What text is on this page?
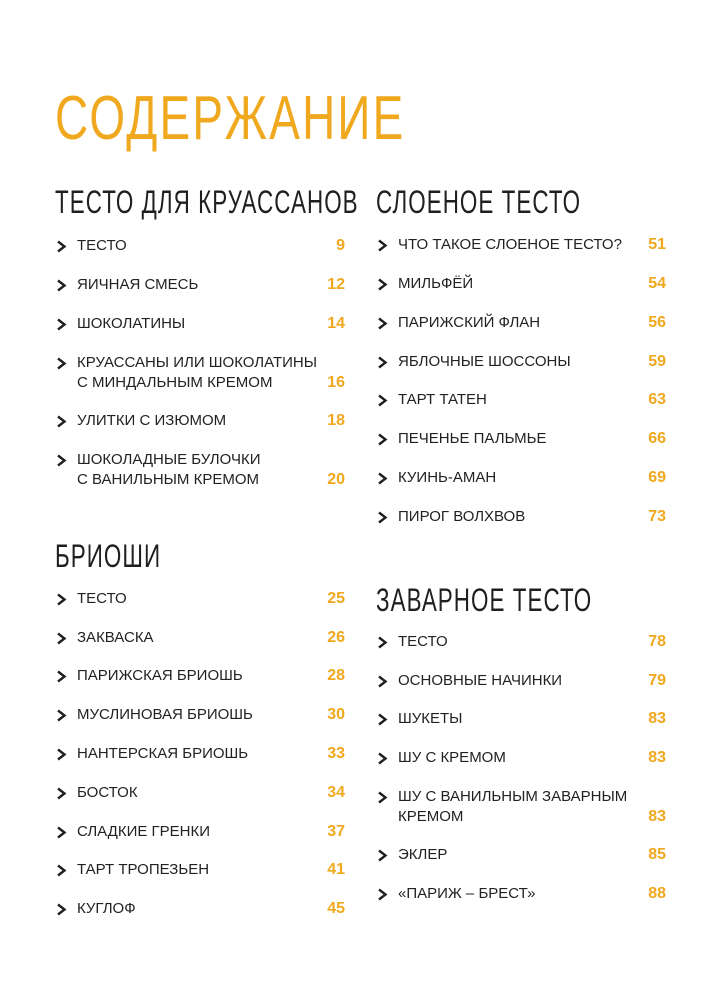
СОДЕРЖАНИЕ
ТЕСТО ДЛЯ КРУАССАНОВ
ТЕСТО	9
ЯИЧНАЯ СМЕСЬ	12
ШОКОЛАТИНЫ	14
КРУАССАНЫ ИЛИ ШОКОЛАТИНЫ
С МИНДАЛЬНЫМ КРЕМОМ	16
УЛИТКИ С ИЗЮМОМ	18
ШОКОЛАДНЫЕ БУЛОЧКИ
С ВАНИЛЬНЫМ КРЕМОМ	20
БРИОШИ
ТЕСТО	25
ЗАКВАСКА	26
ПАРИЖСКАЯ БРИОШЬ	28
МУСЛИНОВАЯ БРИОШЬ	30
НАНТЕРСКАЯ БРИОШЬ	33
БОСТОК	34
СЛАДКИЕ ГРЕНКИ	37
ТАРТ ТРОПЕЗЬЕН	41
КУГЛОФ	45
СЛОЕНОЕ ТЕСТО
ЧТО ТАКОЕ СЛОЕНОЕ ТЕСТО? 51
МИЛЬФЁЙ	54
ПАРИЖСКИЙ ФЛАН	56
ЯБЛОЧНЫЕ ШОССОНЫ	59
ТАРТ ТАТЕН	63
ПЕЧЕНЬЕ ПАЛЬМЬЕ	66
КУИНЬ-АМАН	69
ПИРОГ ВОЛХВОВ	73
ЗАВАРНОЕ ТЕСТО
ТЕСТО	78
ОСНОВНЫЕ НАЧИНКИ	79
ШУКЕТЫ	83
ШУ С КРЕМОМ	83
ШУ С ВАНИЛЬНЫМ ЗАВАРНЫМ
КРЕМОМ	83
ЭКЛЕР	85
«ПАРИЖ – БРЕСТ»	88
